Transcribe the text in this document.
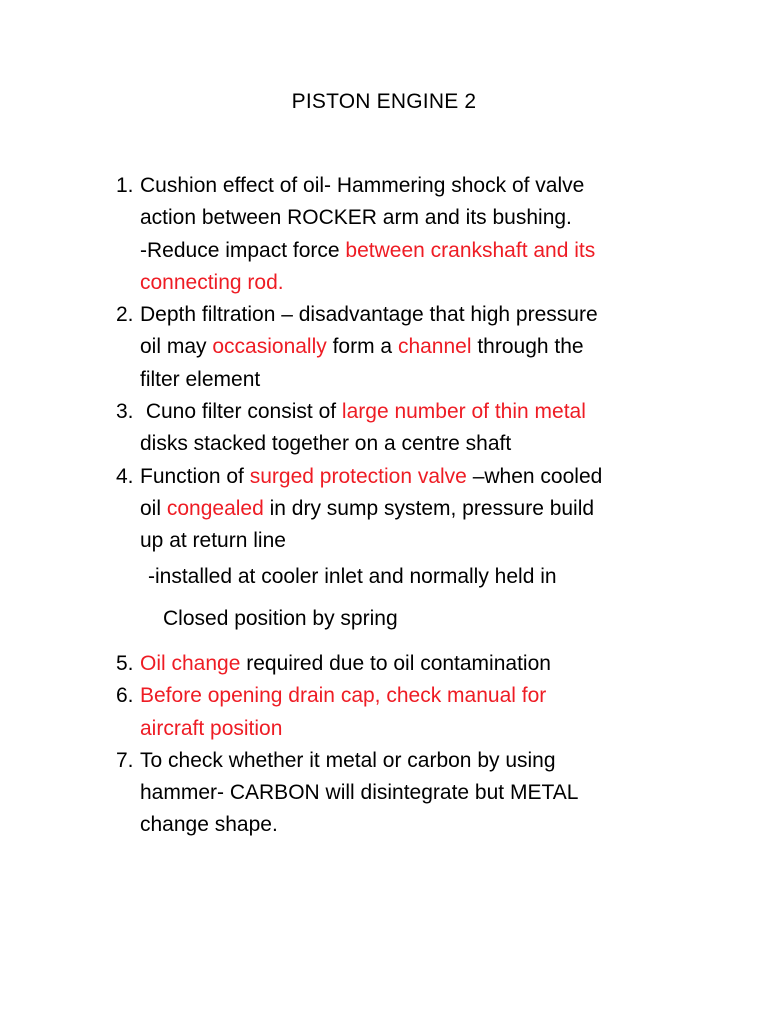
PISTON ENGINE 2
1. Cushion effect of oil- Hammering shock of valve
action between ROCKER arm and its bushing.
-Reduce impact force between crankshaft and its
connecting rod.
2. Depth filtration – disadvantage that high pressure
oil may occasionally form a channel through the
filter element
3. Cuno filter consist of large number of thin metal
disks stacked together on a centre shaft
4. Function of surged protection valve –when cooled
oil congealed in dry sump system, pressure build
up at return line
-installed at cooler inlet and normally held in
Closed position by spring
5. Oil change required due to oil contamination
6. Before opening drain cap, check manual for
aircraft position
7. To check whether it metal or carbon by using
hammer- CARBON will disintegrate but METAL
change shape.
